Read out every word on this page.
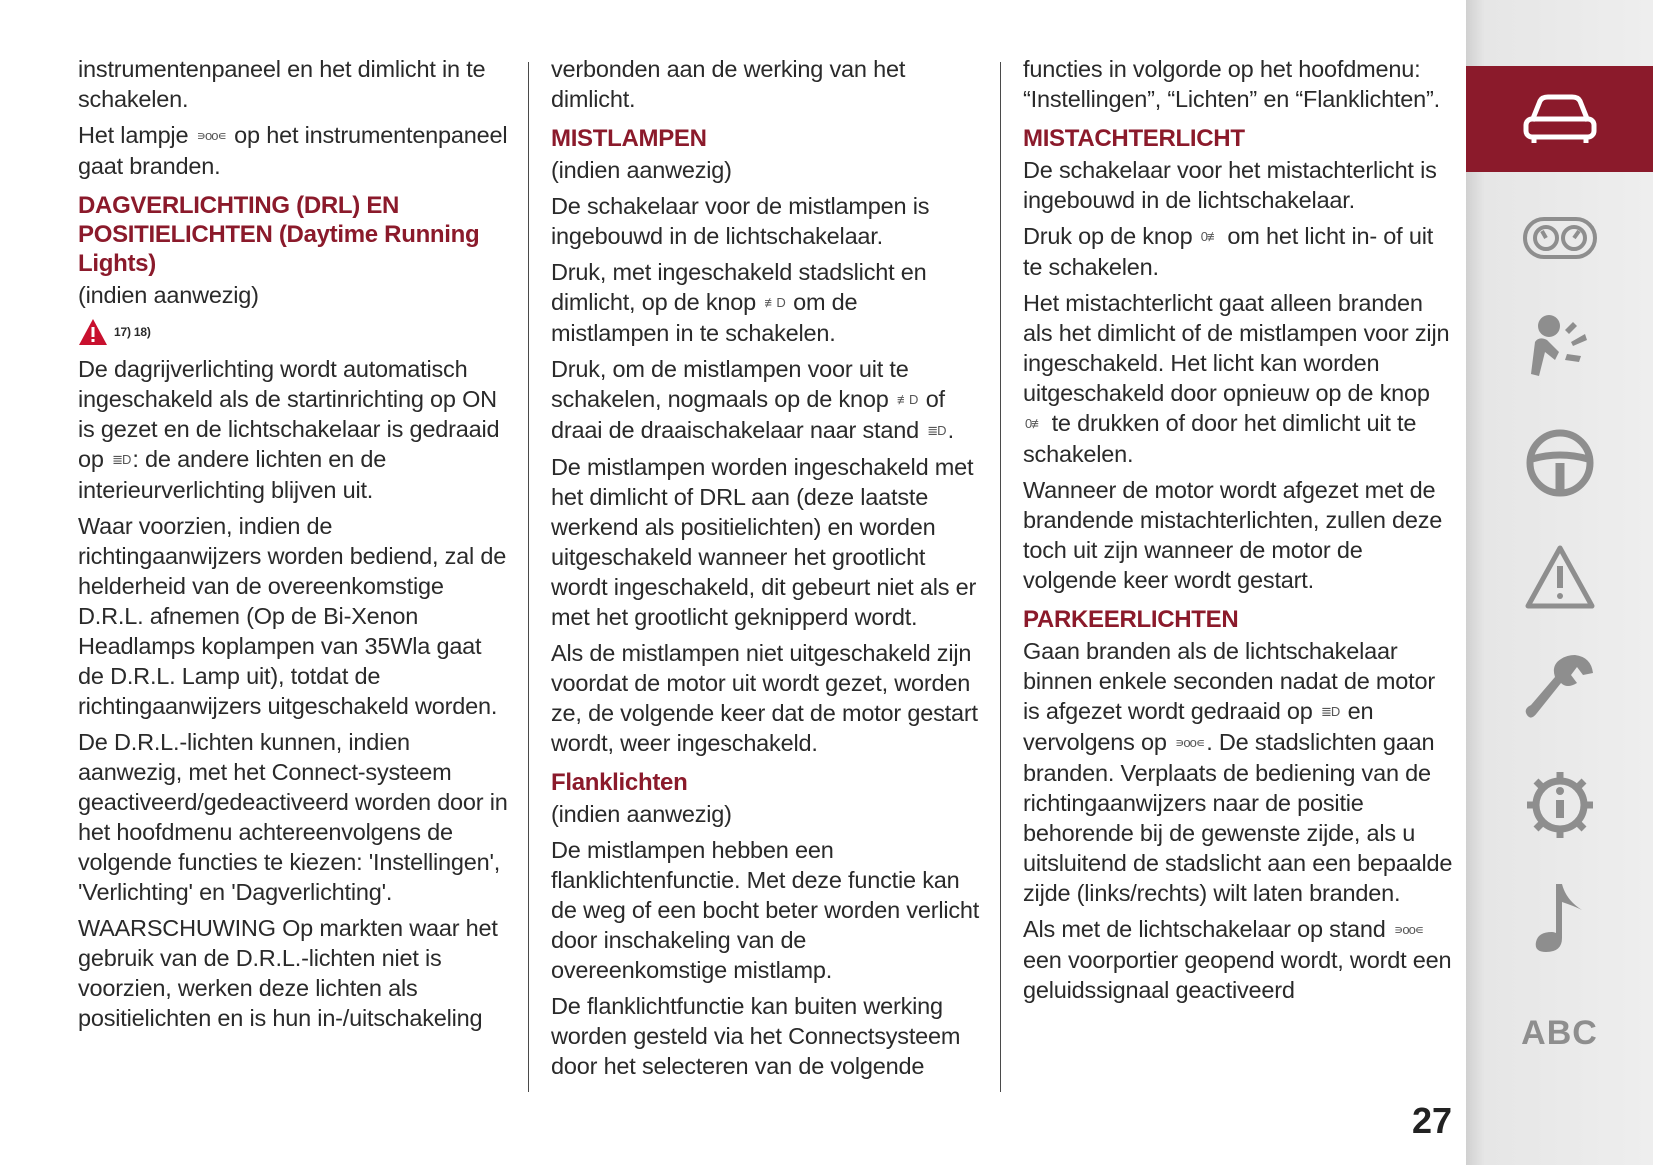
instrumentenpaneel en het dimlicht in te schakelen.

Het lampje ∍oo∊ op het instrumentenpaneel gaat branden.

DAGVERLICHTING (DRL) EN POSITIELICHTEN (Daytime Running Lights)

(indien aanwezig)

17) 18)

De dagrijverlichting wordt automatisch ingeschakeld als de startinrichting op ON is gezet en de lichtschakelaar is gedraaid op ≣D: de andere lichten en de interieurverlichting blijven uit.

Waar voorzien, indien de richtingaanwijzers worden bediend, zal de helderheid van de overeenkomstige D.R.L. afnemen (Op de Bi-Xenon Headlamps koplampen van 35Wla gaat de D.R.L. Lamp uit), totdat de richtingaanwijzers uitgeschakeld worden.

De D.R.L.-lichten kunnen, indien aanwezig, met het Connect-systeem geactiveerd/gedeactiveerd worden door in het hoofdmenu achtereenvolgens de volgende functies te kiezen: 'Instellingen', 'Verlichting' en 'Dagverlichting'.

WAARSCHUWING Op markten waar het gebruik van de D.R.L.-lichten niet is voorzien, werken deze lichten als positielichten en is hun in-/uitschakeling

verbonden aan de werking van het dimlicht.

MISTLAMPEN

(indien aanwezig)

De schakelaar voor de mistlampen is ingebouwd in de lichtschakelaar.

Druk, met ingeschakeld stadslicht en dimlicht, op de knop ≢D om de mistlampen in te schakelen.

Druk, om de mistlampen voor uit te schakelen, nogmaals op de knop ≢D of draai de draaischakelaar naar stand ≣D.

De mistlampen worden ingeschakeld met het dimlicht of DRL aan (deze laatste werkend als positielichten) en worden uitgeschakeld wanneer het grootlicht wordt ingeschakeld, dit gebeurt niet als er met het grootlicht geknipperd wordt.

Als de mistlampen niet uitgeschakeld zijn voordat de motor uit wordt gezet, worden ze, de volgende keer dat de motor gestart wordt, weer ingeschakeld.

Flanklichten

(indien aanwezig)

De mistlampen hebben een flanklichtenfunctie. Met deze functie kan de weg of een bocht beter worden verlicht door inschakeling van de overeenkomstige mistlamp.

De flanklichtfunctie kan buiten werking worden gesteld via het Connectsysteem door het selecteren van de volgende

functies in volgorde op het hoofdmenu: “Instellingen”, “Lichten” en “Flanklichten”.

MISTACHTERLICHT

De schakelaar voor het mistachterlicht is ingebouwd in de lichtschakelaar.

Druk op de knop 0≢ om het licht in- of uit te schakelen.

Het mistachterlicht gaat alleen branden als het dimlicht of de mistlampen voor zijn ingeschakeld. Het licht kan worden uitgeschakeld door opnieuw op de knop 0≢ te drukken of door het dimlicht uit te schakelen.

Wanneer de motor wordt afgezet met de brandende mistachterlichten, zullen deze toch uit zijn wanneer de motor de volgende keer wordt gestart.

PARKEERLICHTEN

Gaan branden als de lichtschakelaar binnen enkele seconden nadat de motor is afgezet wordt gedraaid op ≣D en vervolgens op ∍oo∊. De stadslichten gaan branden. Verplaats de bediening van de richtingaanwijzers naar de positie behorende bij de gewenste zijde, als u uitsluitend de stadslicht aan een bepaalde zijde (links/rechts) wilt laten branden.

Als met de lichtschakelaar op stand ∍oo∊ een voorportier geopend wordt, wordt een geluidssignaal geactiveerd

ABC
27
